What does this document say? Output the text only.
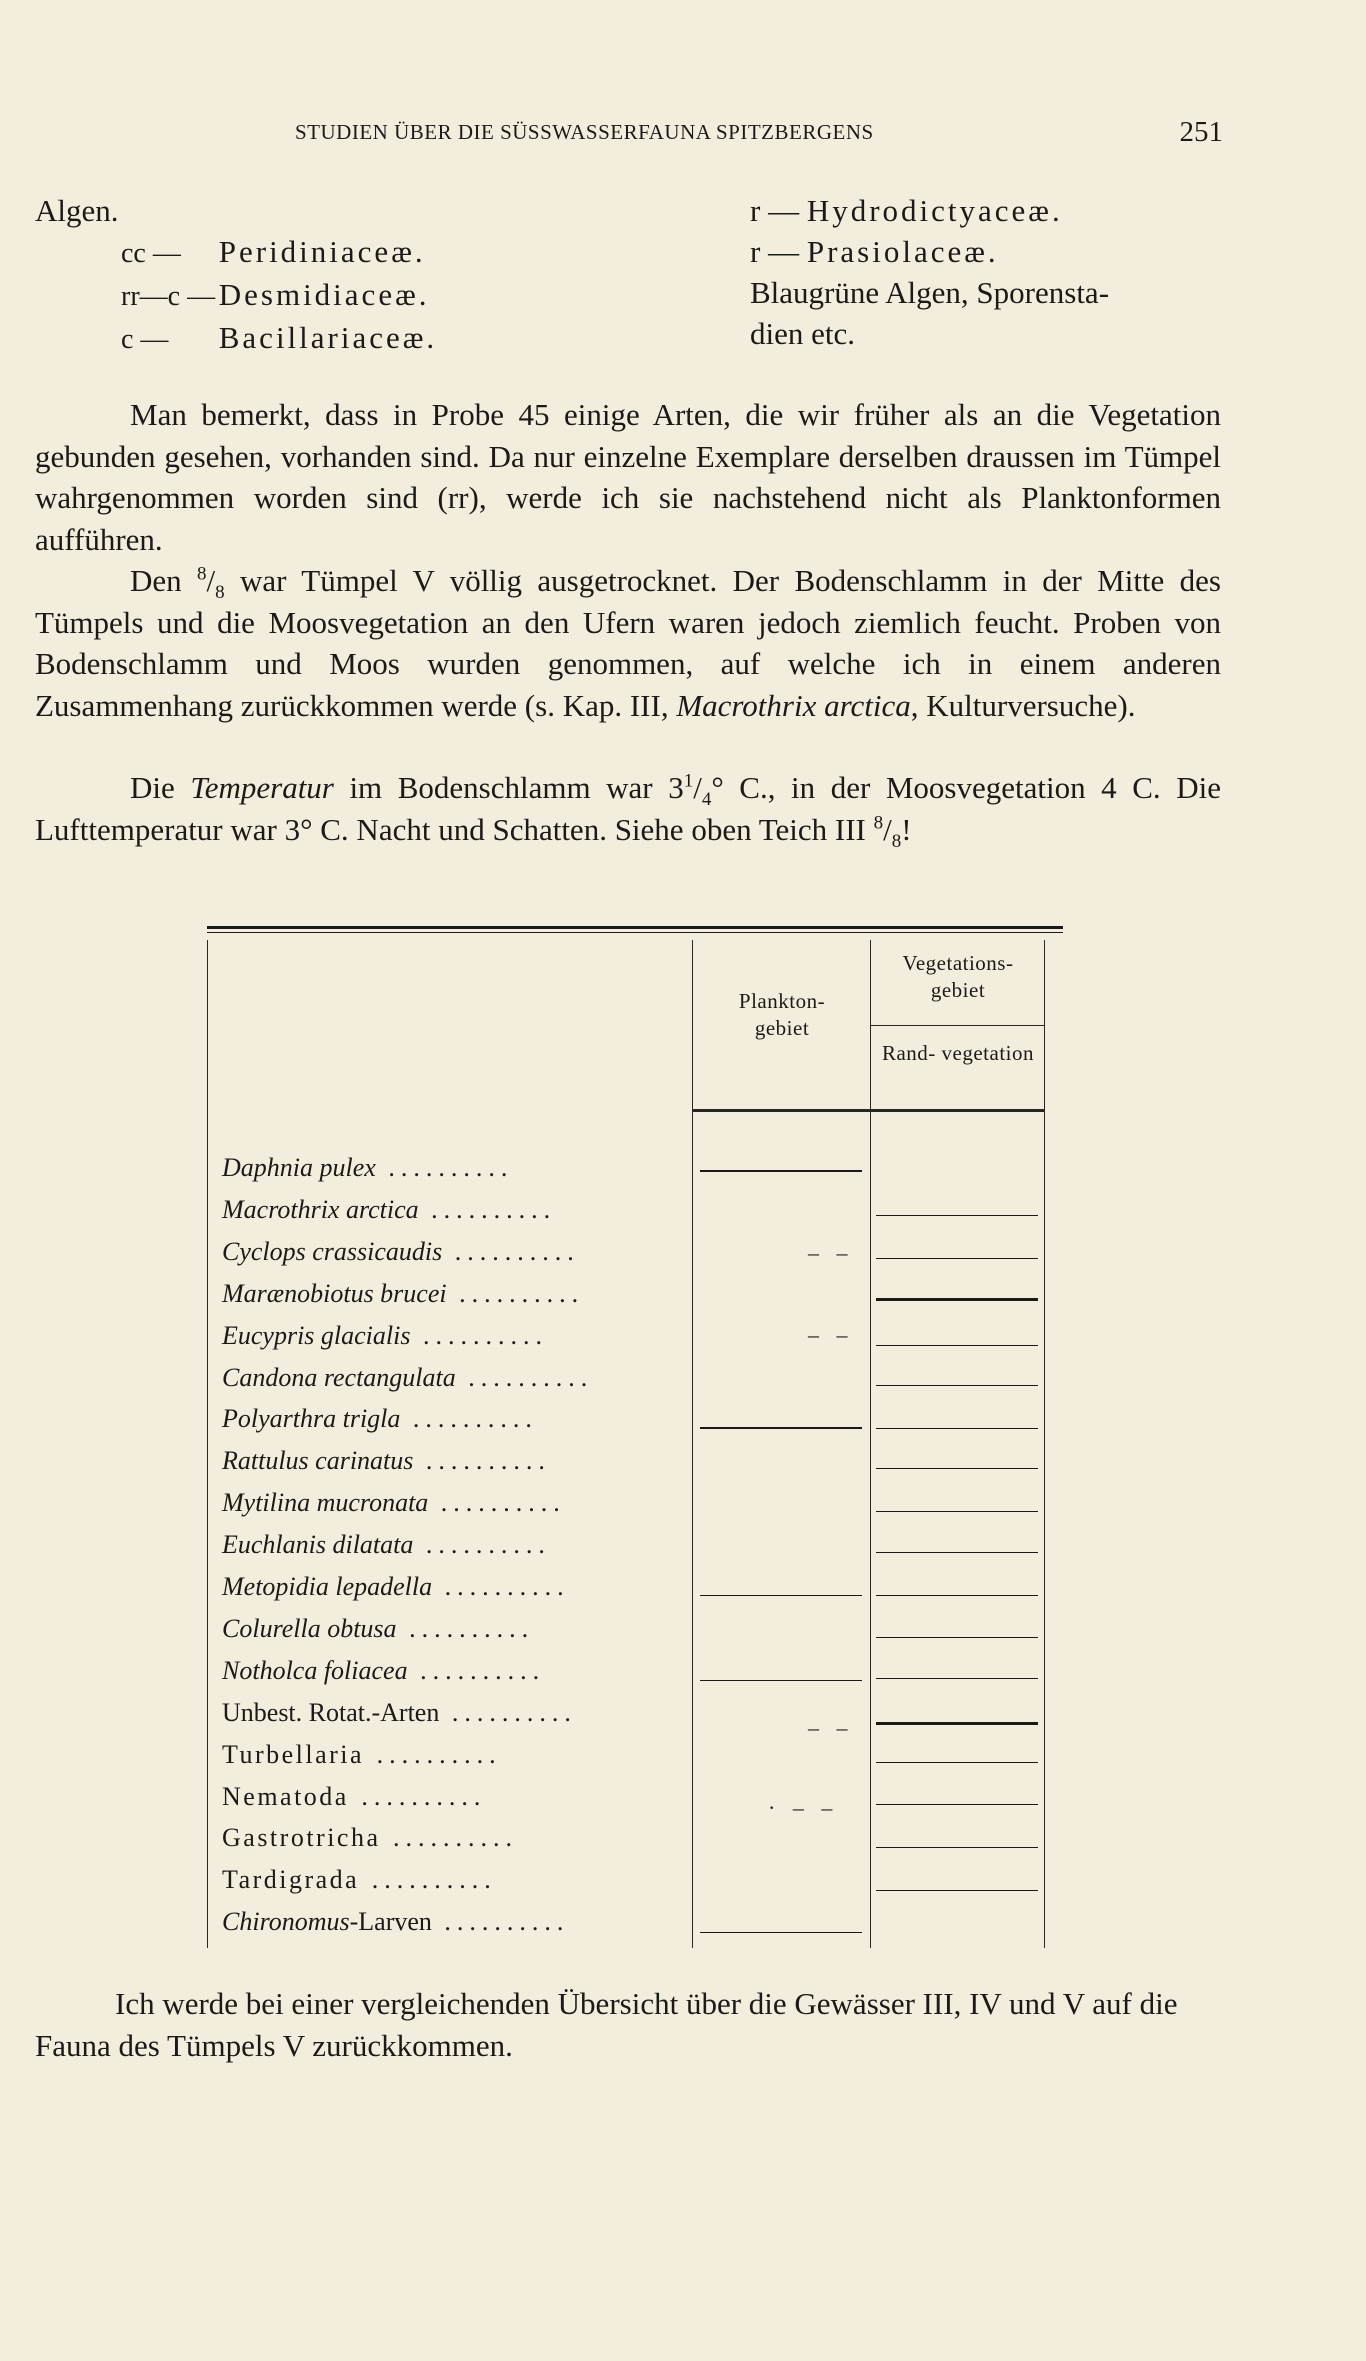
STUDIEN ÜBER DIE SÜSSWASSERFAUNA SPITZBERGENS	251
Algen.
cc — Peridiniaceæ.
rr—c — Desmidiaceæ.
c — Bacillariaceæ.
r — Hydrodictyaceæ.
r — Prasiolaceæ.
Blaugrüne Algen, Sporensta-
dien etc.
Man bemerkt, dass in Probe 45 einige Arten, die wir früher als an die Vegetation gebunden gesehen, vorhanden sind. Da nur einzelne Exemplare derselben draussen im Tümpel wahrgenommen worden sind (rr), werde ich sie nachstehend nicht als Planktonformen aufführen.
Den $^8/_8$ war Tümpel V völlig ausgetrocknet. Der Bodenschlamm in der Mitte des Tümpels und die Moosvegetation an den Ufern waren jedoch ziemlich feucht. Proben von Bodenschlamm und Moos wurden genommen, auf welche ich in einem anderen Zusammenhang zurückkommen werde (s. Kap. III, Macrothrix arctica, Kulturversuche).
Die Temperatur im Bodenschlamm war $3^1/_4^\circ$ C., in der Moosvegetation 4 C. Die Lufttemperatur war 3° C. Nacht und Schatten. Siehe oben Teich III $^8/_8$!
Plankton- gebiet
Vegetations- gebiet
Rand- vegetation
Daphnia pulex ..........
Macrothrix arctica ..........
Cyclops crassicaudis ..........
Marænobiotus brucei ..........
Eucypris glacialis ..........
Candona rectangulata ..........
Polyarthra trigla ..........
Rattulus carinatus ..........
Mytilina mucronata ..........
Euchlanis dilatata ..........
Metopidia lepadella ..........
Colurella obtusa ..........
Notholca foliacea ..........
Unbest. Rotat.-Arten ..........
Turbellaria ..........
Nematoda ..........
Gastrotricha ..........
Tardigrada ..........
Chironomus-Larven ..........
– –
– –
– –
· – –
Ich werde bei einer vergleichenden Übersicht über die Gewässer III, IV und V auf die Fauna des Tümpels V zurückkommen.
